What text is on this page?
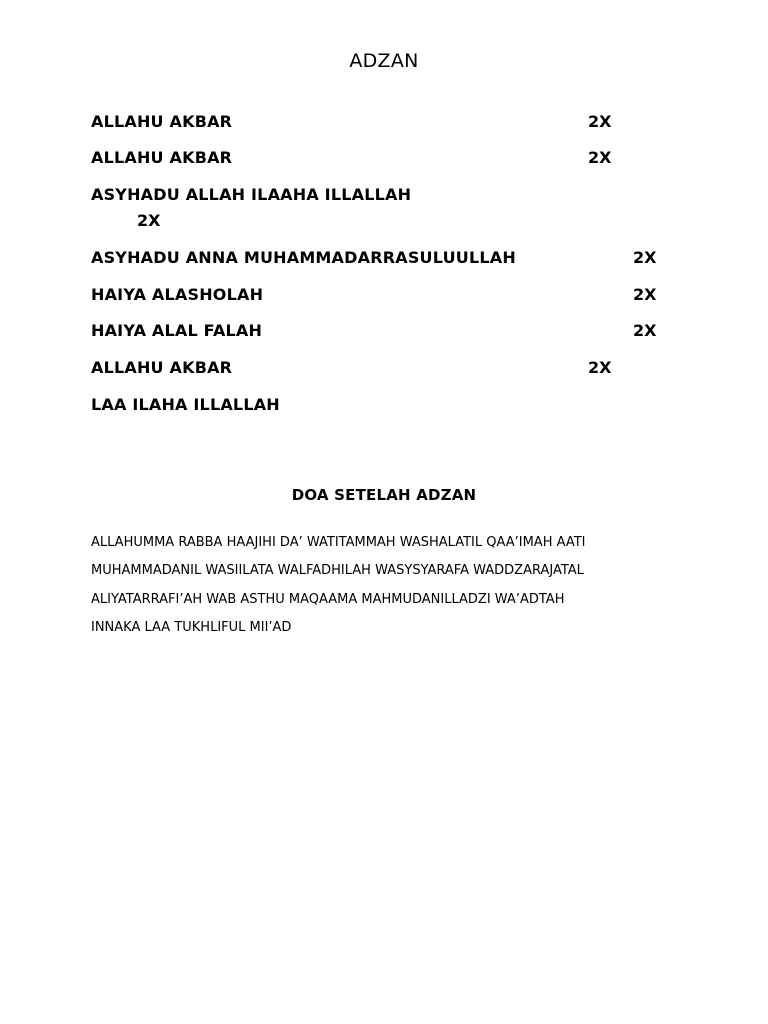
ADZAN
ALLAHU AKBAR	2X
ALLAHU AKBAR	2X
ASYHADU ALLAH ILAAHA ILLALLAH
2X
ASYHADU ANNA MUHAMMADARRASULUULLAH	2X
HAIYA ALASHOLAH	2X
HAIYA ALAL FALAH	2X
ALLAHU AKBAR	2X
LAA ILAHA ILLALLAH
DOA SETELAH ADZAN
ALLAHUMMA RABBA HAAJIHI DA’ WATITAMMAH WASHALATIL QAA’IMAH AATI
MUHAMMADANIL WASIILATA WALFADHILAH WASYSYARAFA WADDZARAJATAL
ALIYATARRAFI’AH WAB ASTHU MAQAAMA MAHMUDANILLADZI WA’ADTAH
INNAKA LAA TUKHLIFUL MII’AD
